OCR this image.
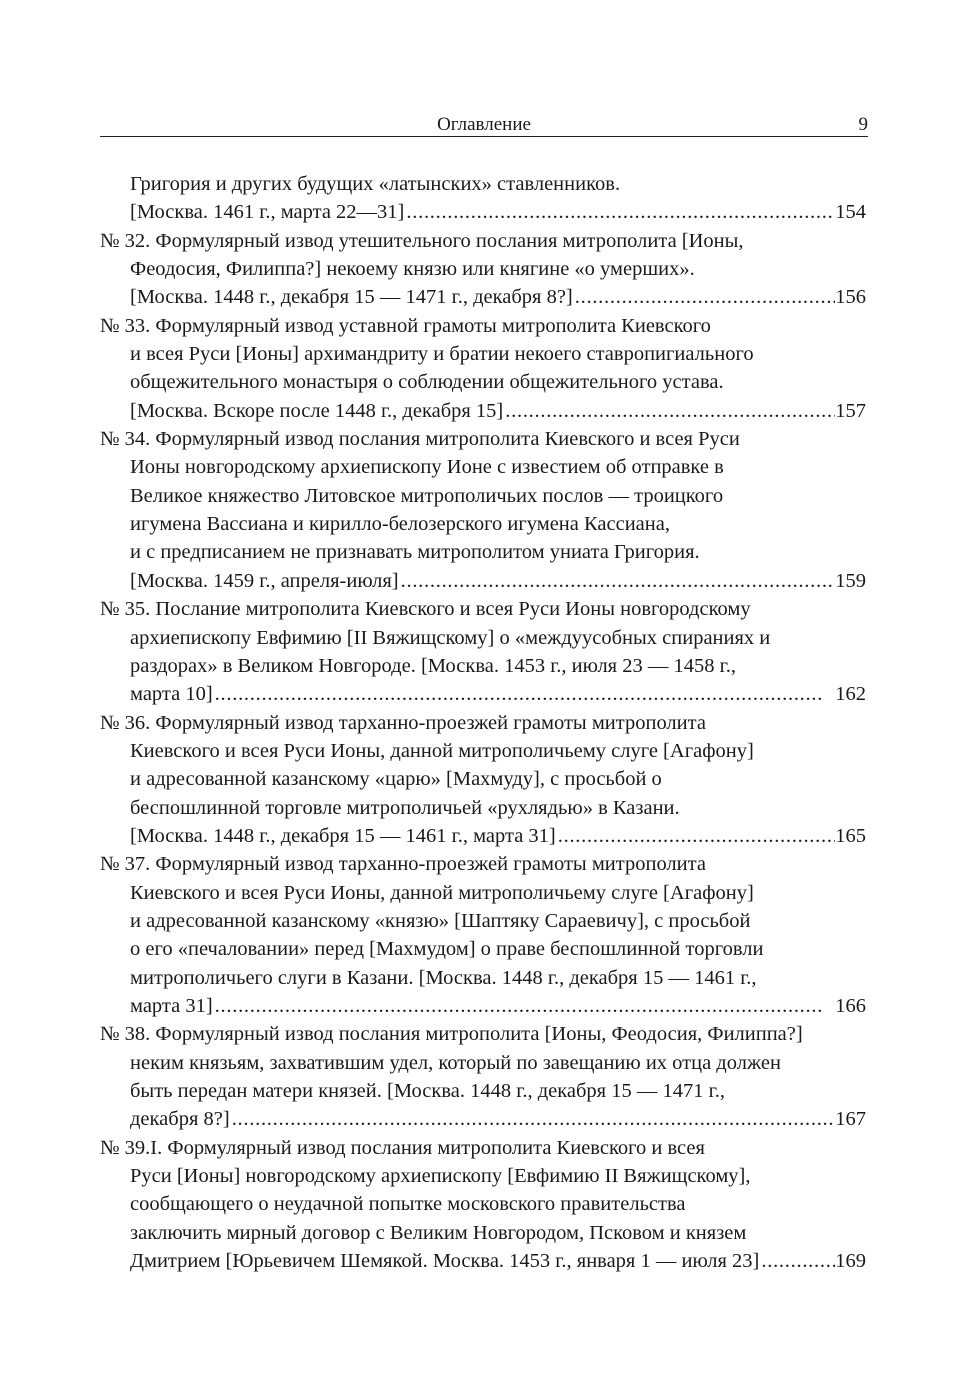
Оглавление	9
Григория и других будущих «латынских» ставленников.
[Москва. 1461 г., марта 22—31] . . .	154
№ 32. Формулярный извод утешительного послания митрополита [Ионы,
Феодосия, Филиппа?] некоему князю или княгине «о умерших».
[Москва. 1448 г., декабря 15 — 1471 г., декабря 8?] . . .	156
№ 33. Формулярный извод уставной грамоты митрополита Киевского
и всея Руси [Ионы] архимандриту и братии некоего ставропигиального
общежительного монастыря о соблюдении общежительного устава.
[Москва. Вскоре после 1448 г., декабря 15] . . .	157
№ 34. Формулярный извод послания митрополита Киевского и всея Руси
Ионы новгородскому архиепископу Ионе с известием об отправке в
Великое княжество Литовское митрополичьих послов — троицкого
игумена Вассиана и кирилло-белозерского игумена Кассиана,
и с предписанием не признавать митрополитом униата Григория.
[Москва. 1459 г., апреля-июля] . . .	159
№ 35. Послание митрополита Киевского и всея Руси Ионы новгородскому
архиепископу Евфимию [II Вяжищскому] о «междуусобных спираниях и
раздорах» в Великом Новгороде. [Москва. 1453 г., июля 23 — 1458 г.,
марта 10] . . .	162
№ 36. Формулярный извод тарханно-проезжей грамоты митрополита
Киевского и всея Руси Ионы, данной митрополичьему слуге [Агафону]
и адресованной казанскому «царю» [Махмуду], с просьбой о
беспошлинной торговле митрополичьей «рухлядью» в Казани.
[Москва. 1448 г., декабря 15 — 1461 г., марта 31] . . .	165
№ 37. Формулярный извод тарханно-проезжей грамоты митрополита
Киевского и всея Руси Ионы, данной митрополичьему слуге [Агафону]
и адресованной казанскому «князю» [Шаптяку Сараевичу], с просьбой
о его «печаловании» перед [Махмудом] о праве беспошлинной торговли
митрополичьего слуги в Казани. [Москва. 1448 г., декабря 15 — 1461 г.,
марта 31] . . .	166
№ 38. Формулярный извод послания митрополита [Ионы, Феодосия, Филиппа?]
неким князьям, захватившим удел, который по завещанию их отца должен
быть передан матери князей. [Москва. 1448 г., декабря 15 — 1471 г.,
декабря 8?] . . .	167
№ 39.I. Формулярный извод послания митрополита Киевского и всея
Руси [Ионы] новгородскому архиепископу [Евфимию II Вяжищскому],
сообщающего о неудачной попытке московского правительства
заключить мирный договор с Великим Новгородом, Псковом и князем
Дмитрием [Юрьевичем Шемякой. Москва. 1453 г., января 1 — июля 23] . . .	169
